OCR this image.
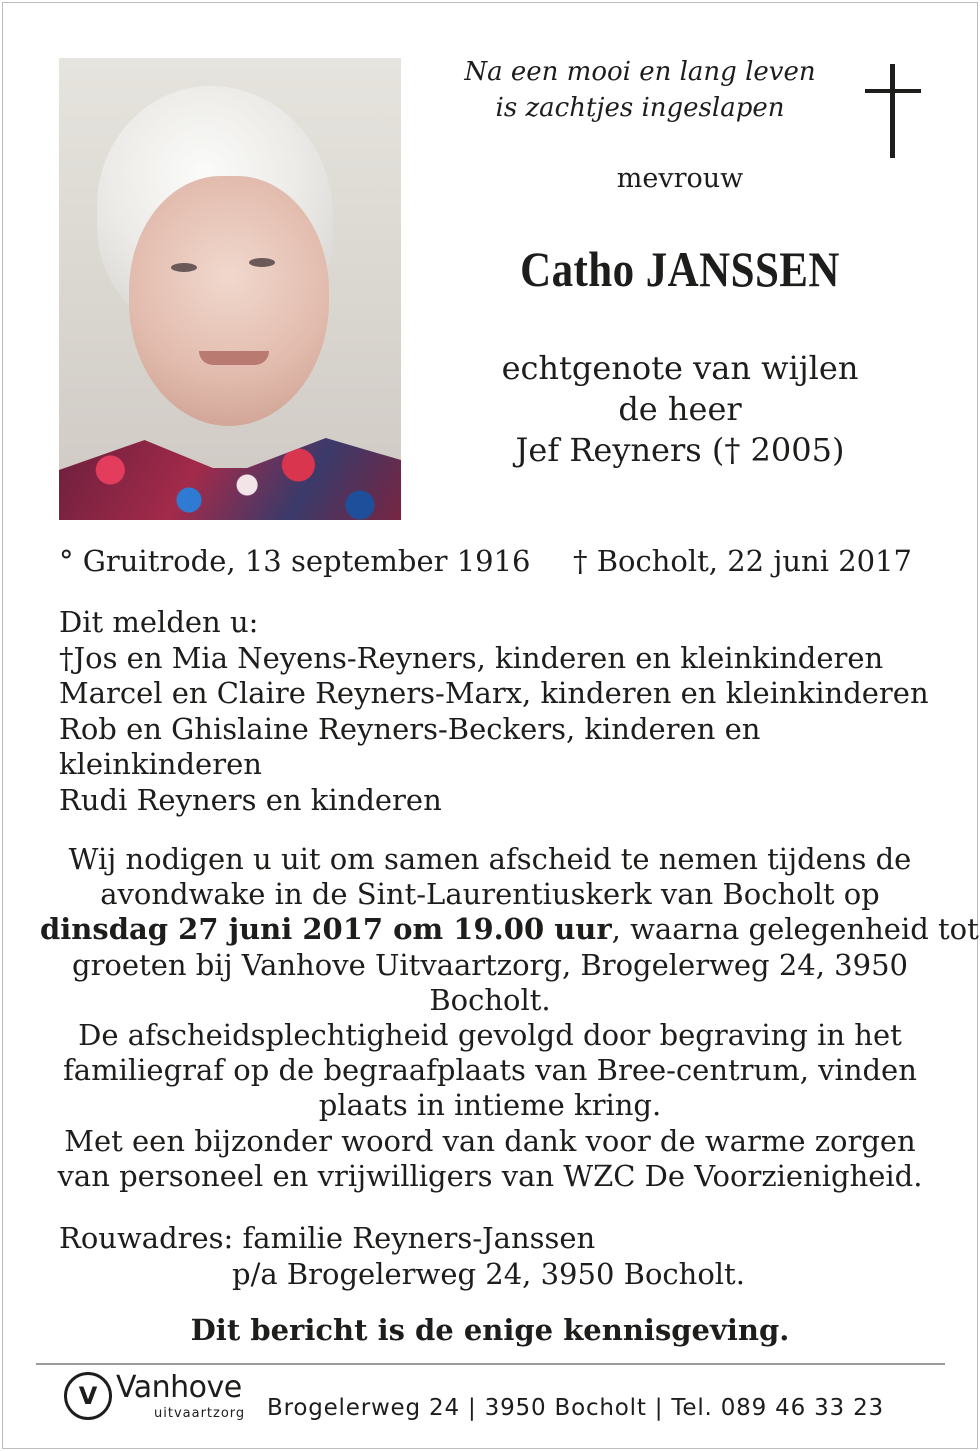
Na een mooi en lang leven
is zachtjes ingeslapen
mevrouw
Catho JANSSEN
echtgenote van wijlen
de heer
Jef Reyners († 2005)
° Gruitrode, 13 september 1916 † Bocholt, 22 juni 2017
Dit melden u:
†Jos en Mia Neyens-Reyners, kinderen en kleinkinderen
Marcel en Claire Reyners-Marx, kinderen en kleinkinderen
Rob en Ghislaine Reyners-Beckers, kinderen en
kleinkinderen
Rudi Reyners en kinderen
Wij nodigen u uit om samen afscheid te nemen tijdens de
avondwake in de Sint-Laurentiuskerk van Bocholt op
dinsdag 27 juni 2017 om 19.00 uur, waarna gelegenheid tot
groeten bij Vanhove Uitvaartzorg, Brogelerweg 24, 3950
Bocholt.
De afscheidsplechtigheid gevolgd door begraving in het
familiegraf op de begraafplaats van Bree-centrum, vinden
plaats in intieme kring.
Met een bijzonder woord van dank voor de warme zorgen
van personeel en vrijwilligers van WZC De Voorzienigheid.
Rouwadres: familie Reyners-Janssen
p/a Brogelerweg 24, 3950 Bocholt.
Dit bericht is de enige kennisgeving.
V Vanhove
uitvaartzorg Brogelerweg 24 | 3950 Bocholt | Tel. 089 46 33 23
